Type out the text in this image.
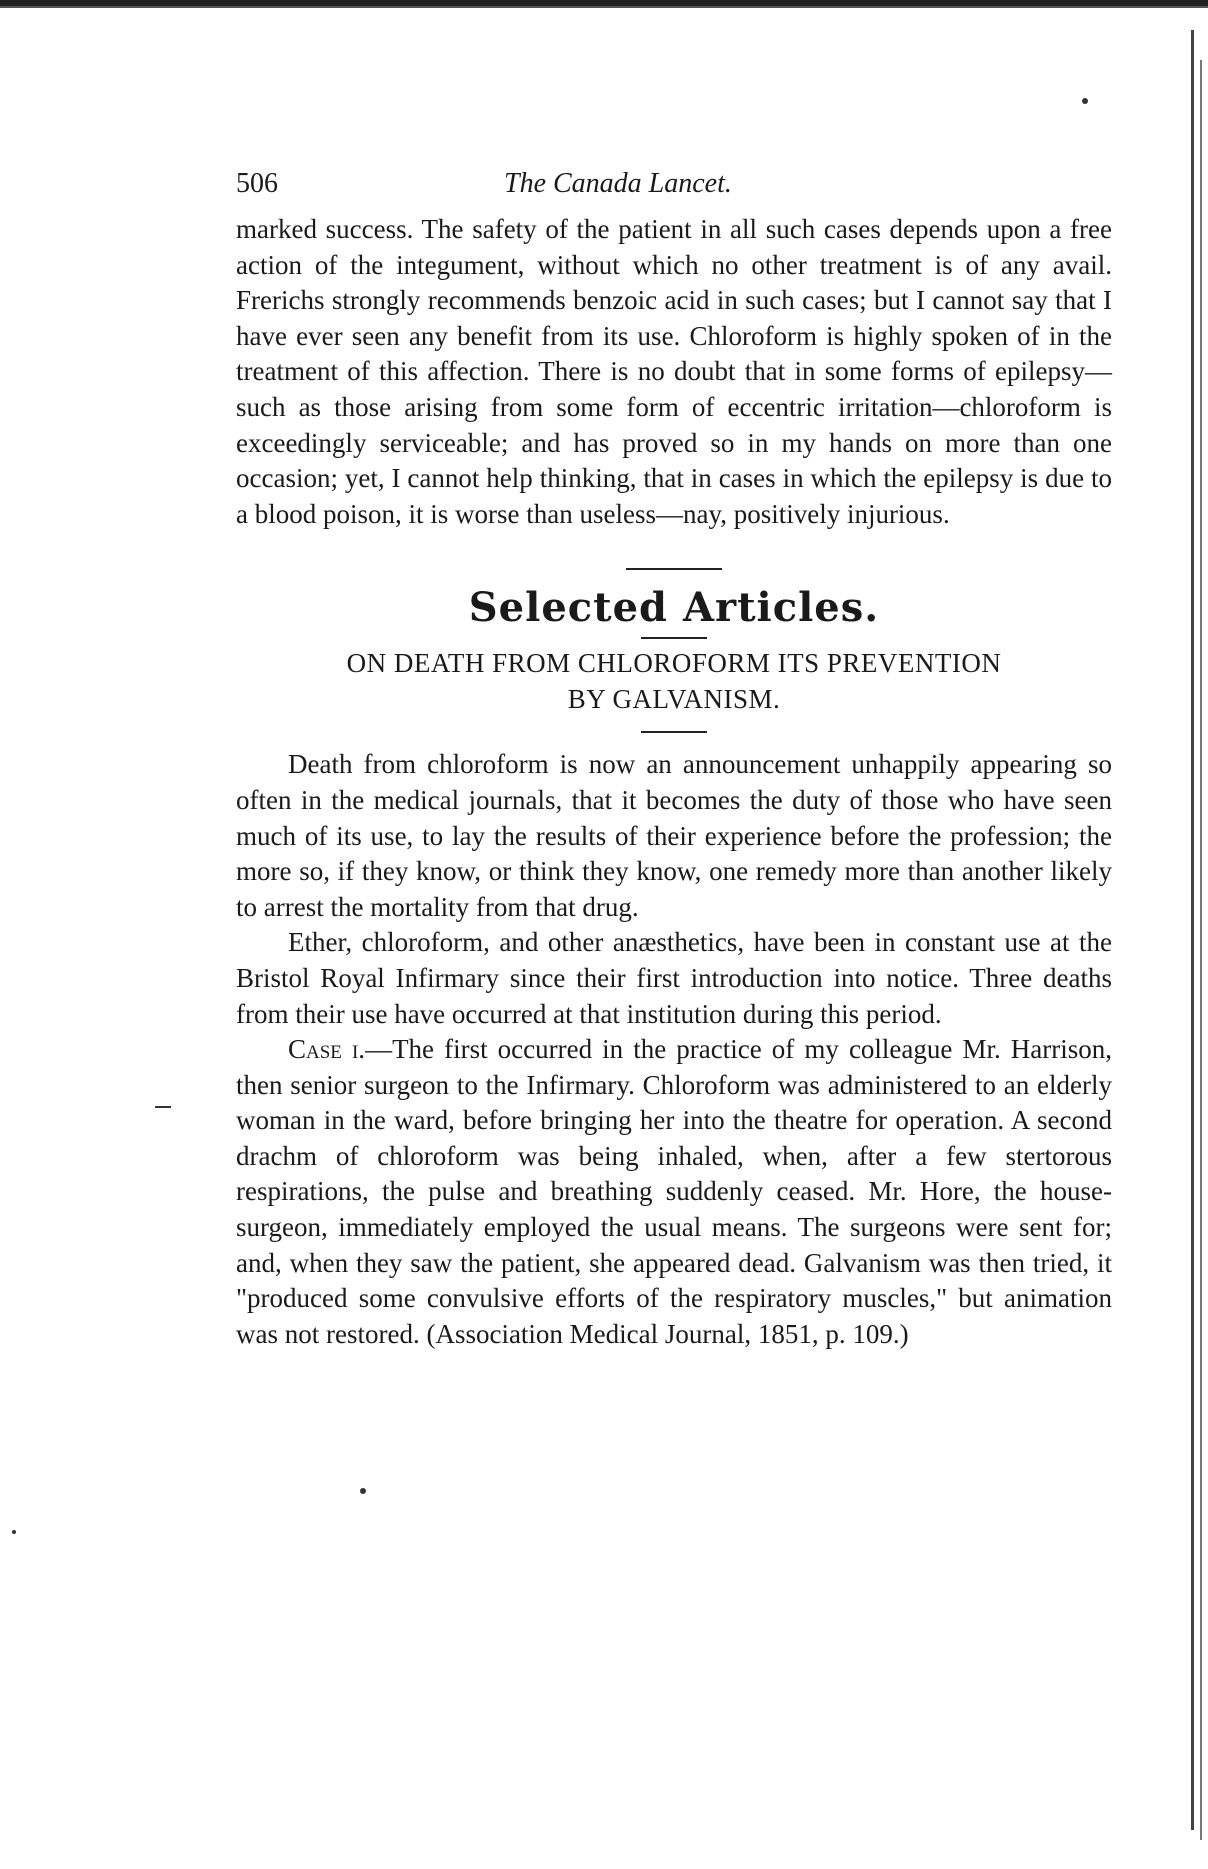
506	The Canada Lancet.

marked success. The safety of the patient in all such cases depends upon a free action of the integument, without which no other treatment is of any avail. Frerichs strongly recommends benzoic acid in such cases; but I cannot say that I have ever seen any benefit from its use. Chloroform is highly spoken of in the treatment of this affection. There is no doubt that in some forms of epilepsy—such as those arising from some form of eccentric irritation—chloroform is exceedingly serviceable; and has proved so in my hands on more than one occasion; yet, I cannot help thinking, that in cases in which the epilepsy is due to a blood poison, it is worse than useless—nay, positively injurious.

Selected Articles.
ON DEATH FROM CHLOROFORM ITS PREVENTION
BY GALVANISM.

Death from chloroform is now an announcement unhappily appearing so often in the medical journals, that it becomes the duty of those who have seen much of its use, to lay the results of their experience before the profession; the more so, if they know, or think they know, one remedy more than another likely to arrest the mortality from that drug.

Ether, chloroform, and other anæsthetics, have been in constant use at the Bristol Royal Infirmary since their first introduction into notice. Three deaths from their use have occurred at that institution during this period.

Case i.—The first occurred in the practice of my colleague Mr. Harrison, then senior surgeon to the Infirmary. Chloroform was administered to an elderly woman in the ward, before bringing her into the theatre for operation. A second drachm of chloroform was being inhaled, when, after a few stertorous respirations, the pulse and breathing suddenly ceased. Mr. Hore, the house-surgeon, immediately employed the usual means. The surgeons were sent for; and, when they saw the patient, she appeared dead. Galvanism was then tried, it "produced some convulsive efforts of the respiratory muscles," but animation was not restored. (Association Medical Journal, 1851, p. 109.)
